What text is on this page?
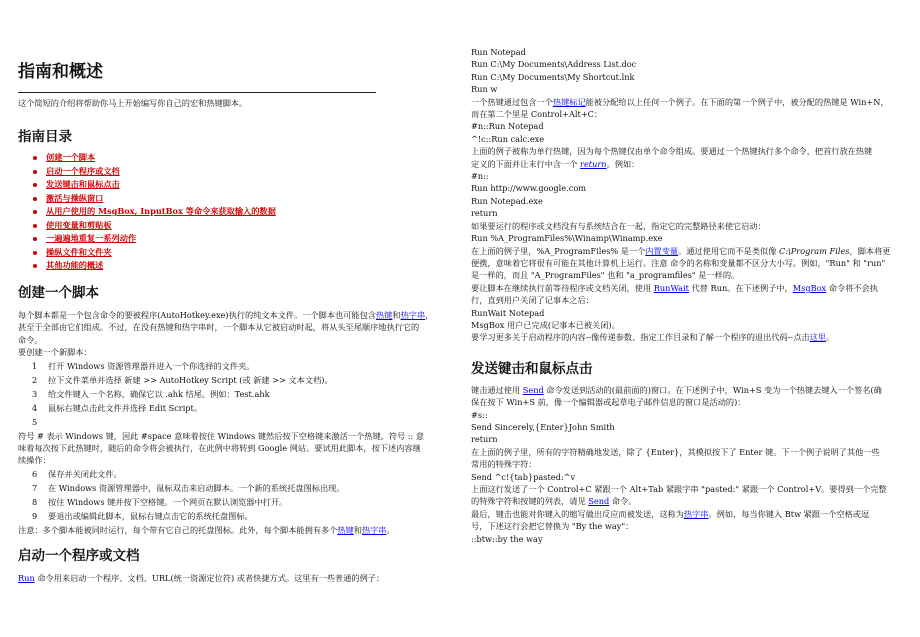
指南和概述
这个简短的介绍将帮助你马上开始编写你自己的宏和热键脚本。
指南目录
创建一个脚本
启动一个程序或文档
发送键击和鼠标点击
激活与操纵窗口
从用户使用的 MsgBox, InputBox 等命令来获取输入的数据
使用变量和剪贴板
一遍遍地重复一系列动作
操纵文件和文件夹
其他功能的概述
创建一个脚本
每个脚本都是一个包含命令的要被程序(AutoHotkey.exe)执行的纯文本文件。一个脚本也可能包含热键和热字串，
甚至于全部由它们组成。不过，在没有热键和热字串时，一个脚本从它被启动时起，将从头至尾顺序地执行它的
命令。
要创建一个新脚本：
1	打开 Windows 资源管理器并进入一个你选择的文件夹。
2	拉下文件菜单并选择 新建 >> AutoHotkey Script (或 新建 >> 文本文档)。
3	给文件键入一个名称，确保它以 .ahk 结尾。例如：Test.ahk
4	鼠标右键点击此文件并选择 Edit Script。
5
符号 # 表示 Windows 键，因此 #space 意味着按住 Windows 键然后按下空格键来激活一个热键。符号 :: 意
味着每次按下此热键时，随后的命令将会被执行，在此例中将转到 Google 网站。要试用此脚本，按下述内容继
续操作：
6	保存并关闭此文件。
7	在 Windows 资源管理器中，鼠标双击来启动脚本。一个新的系统托盘图标出现。
8	按住 Windows 键并按下空格键。一个网页在默认浏览器中打开。
9	要退出或编辑此脚本，鼠标右键点击它的系统托盘图标。
注意：多个脚本能被同时运行，每个带有它自己的托盘图标。此外，每个脚本能拥有多个热键和热字串。
启动一个程序或文档
Run 命令用来启动一个程序、文档、URL(统一资源定位符) 或者快捷方式。这里有一些普通的例子：
Run Notepad
Run C:\My Documents\Address List.doc
Run C:\My Documents\My Shortcut.lnk
Run w
一个热键通过包含一个热键标记能被分配给以上任何一个例子。在下面的第一个例子中，被分配的热键是 Win+N，
而在第二个里是 Control+Alt+C：
#n::Run Notepad
^!c::Run calc.exe
上面的例子被称为单行热键，因为每个热键仅由单个命令组成。要通过一个热键执行多个命令，把首行放在热键
定义的下面并让末行中含一个 return。例如：
#n::
Run http://www.google.com
Run Notepad.exe
return
如果要运行的程序或文档没有与系统结合在一起，指定它的完整路径来使它启动：
Run %A_ProgramFiles%\Winamp\Winamp.exe
在上面的例子里，%A_ProgramFiles% 是一个内置变量。通过使用它而不是类似像 C:\Program Files，脚本将更
便携，意味着它将很有可能在其他计算机上运行。注意 命令的名称和变量都不区分大小写。例如，"Run" 和 "run"
是一样的，而且 "A_ProgramFiles" 也和 "a_programfiles" 是一样的。
要让脚本在继续执行前等待程序或文档关闭，使用 RunWait 代替 Run。在下述例子中，MsgBox 命令将不会执
行，直到用户关闭了记事本之后：
RunWait Notepad
MsgBox 用户已完成(记事本已被关闭)。
要学习更多关于启动程序的内容--像传递参数、指定工作目录和了解一个程序的退出代码--点击这里。
发送键击和鼠标点击
键击通过使用 Send 命令发送到活动的(最前面的)窗口。在下述例子中，Win+S 变为一个热键去键入一个签名(确
保在按下 Win+S 前，像一个编辑器或起草电子邮件信息的窗口是活动的)：
#s::
Send Sincerely,{Enter}John Smith
return
在上面的例子里，所有的字符精确地发送，除了 {Enter}，其模拟按下了 Enter 键。下一个例子说明了其他一些
常用的特殊字符：
Send ^c!{tab}pasted:^v
上面这行发送了一个 Control+C 紧跟一个 Alt+Tab 紧跟字串 "pasted:" 紧跟一个 Control+V。要得到一个完整
的特殊字符和按键的列表，请见 Send 命令。
最后，键击也能对你键入的缩写做出反应而被发送，这称为热字串。例如，每当你键入 Btw 紧跟一个空格或逗
号，下述这行会把它替换为 "By the way"：
::btw::by the way
